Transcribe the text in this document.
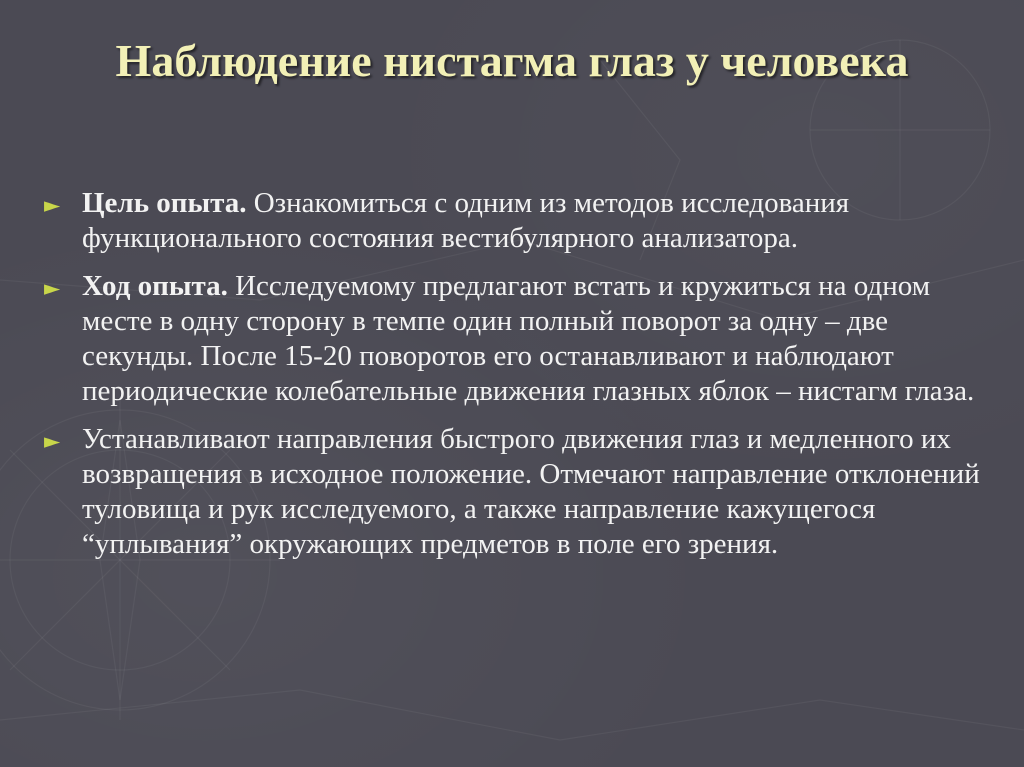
Наблюдение нистагма глаз у человека
► Цель опыта. Ознакомиться с одним из методов исследования функционального состояния вестибулярного анализатора.
► Ход опыта. Исследуемому предлагают встать и кружиться на одном месте в одну сторону в темпе один полный поворот за одну – две секунды. После 15-20 поворотов его останавливают и наблюдают периодические колебательные движения глазных яблок – нистагм глаза.
► Устанавливают направления быстрого движения глаз и медленного их возвращения в исходное положение. Отмечают направление отклонений туловища и рук исследуемого, а также направление кажущегося “уплывания” окружающих предметов в поле его зрения.
